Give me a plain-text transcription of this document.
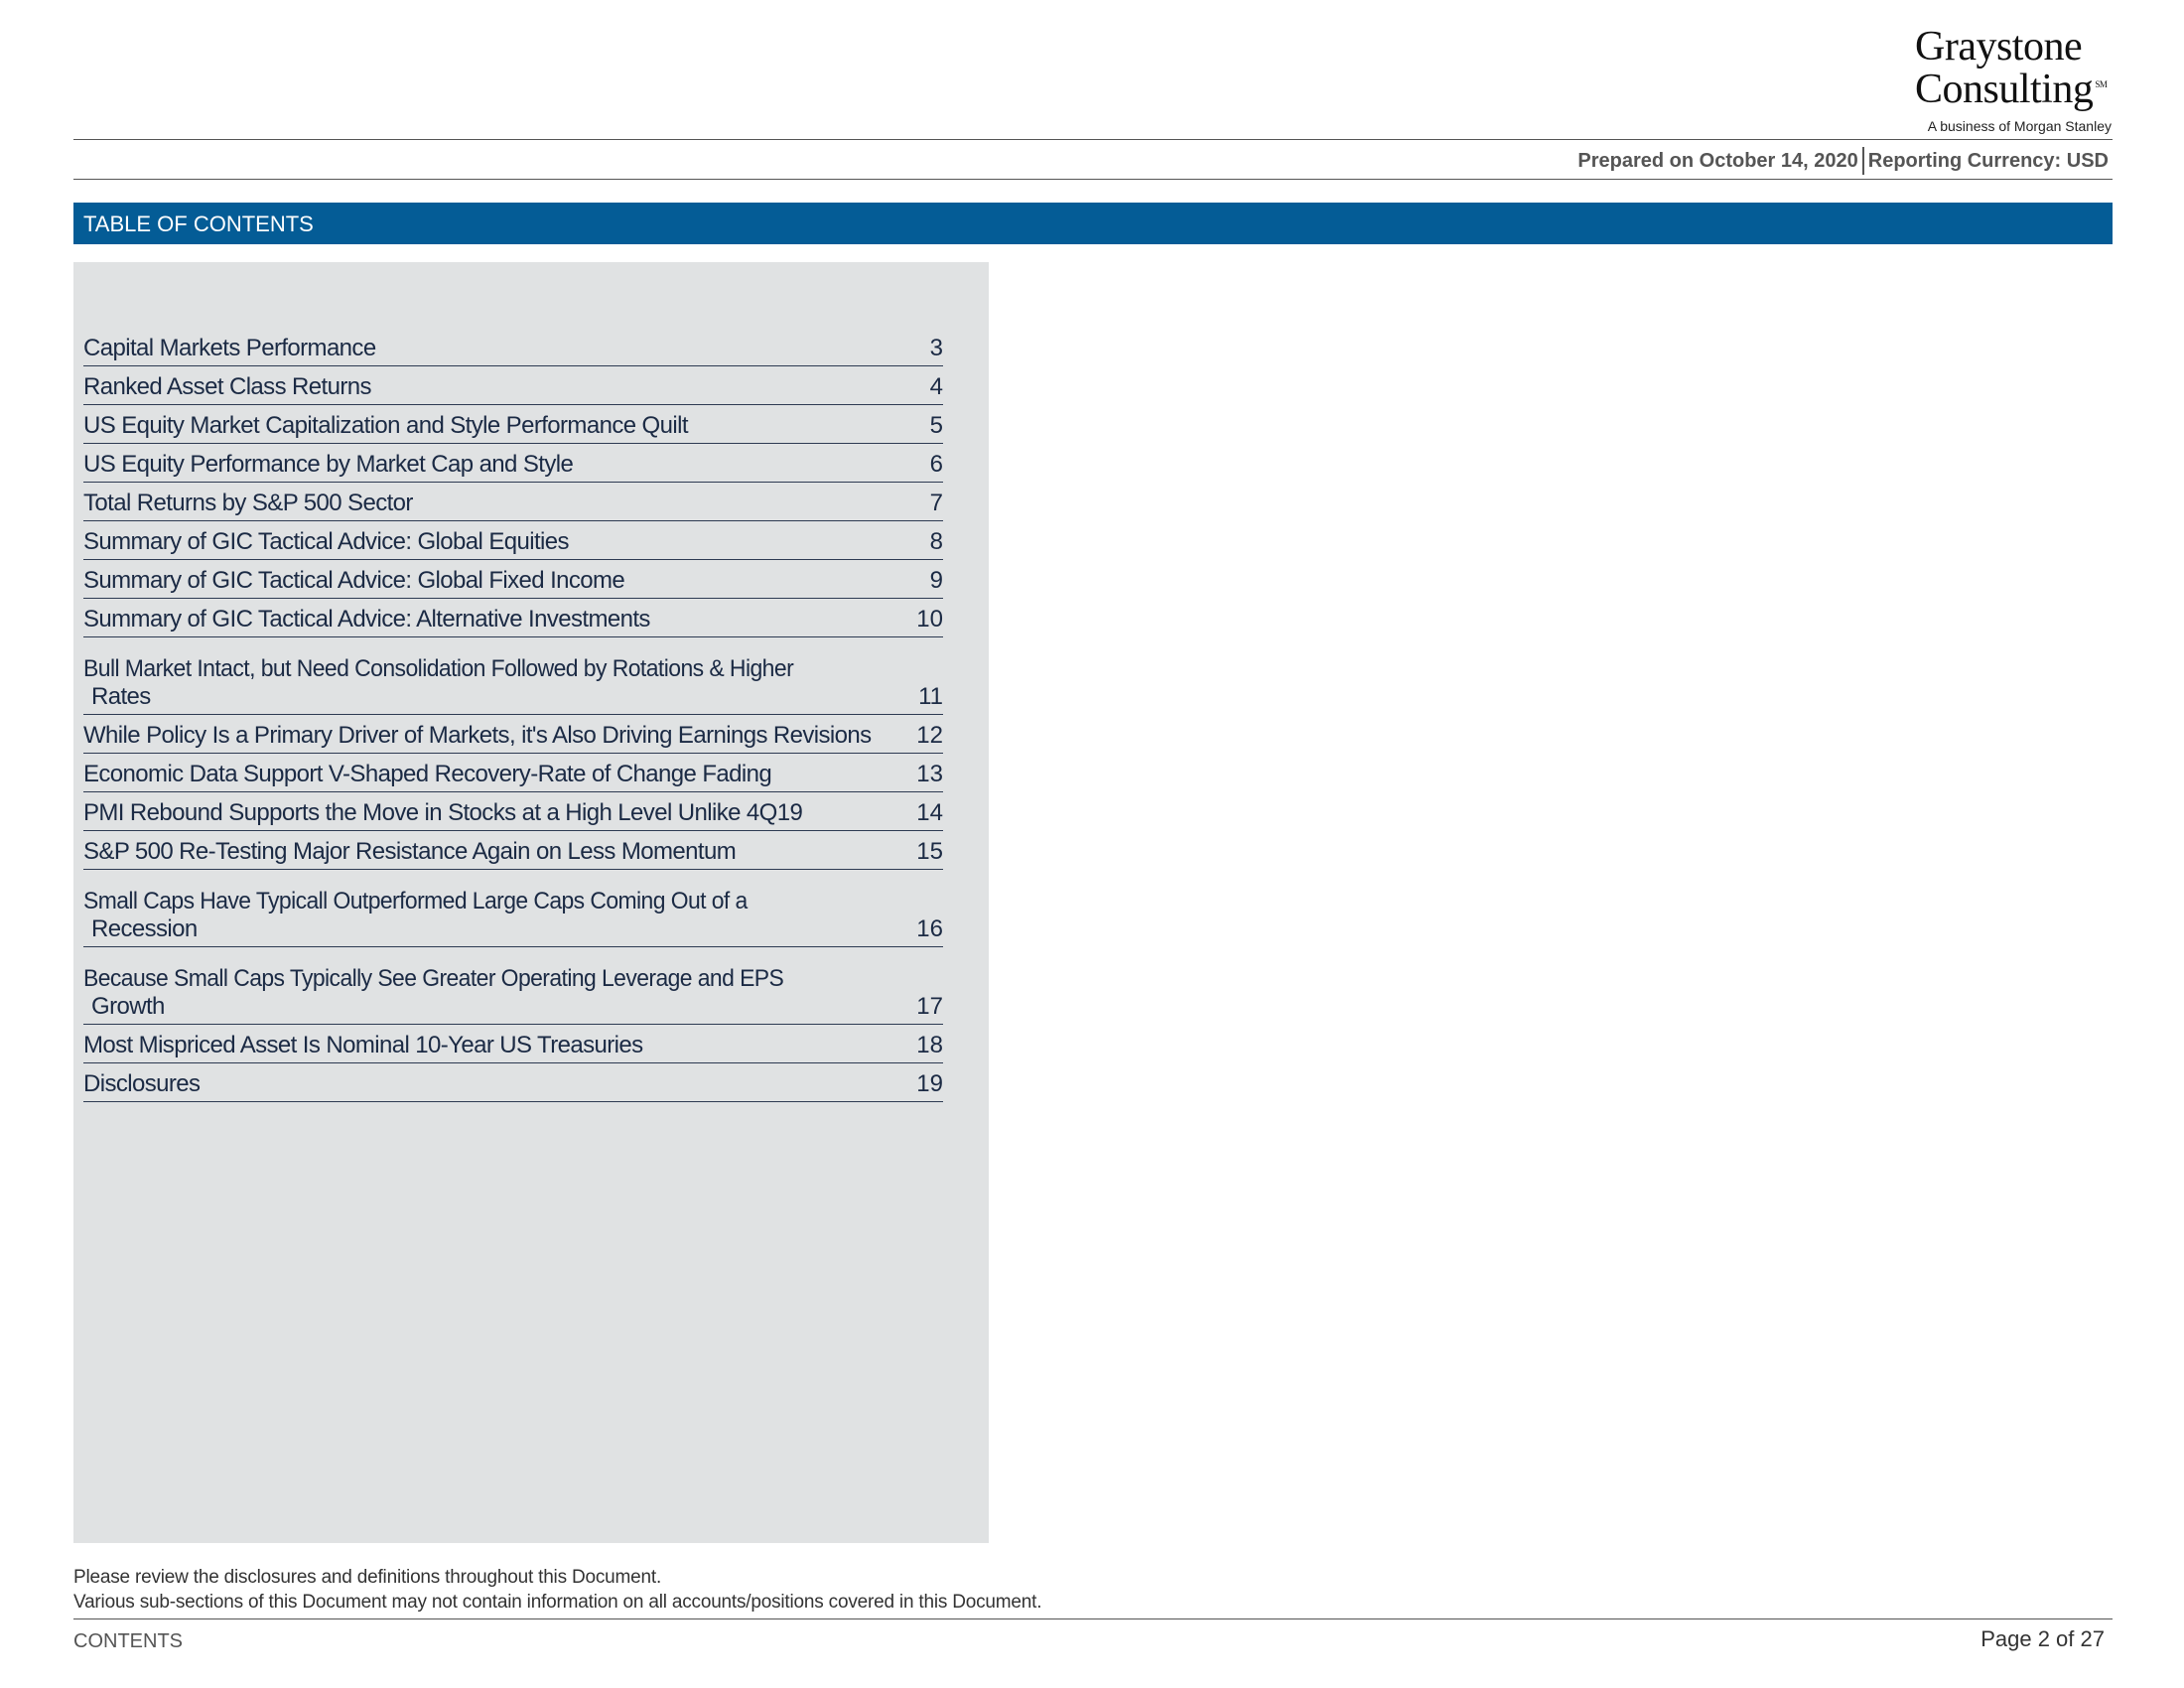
Graystone
Consulting ℠
A business of Morgan Stanley
Prepared on October 14, 2020 Reporting Currency: USD
TABLE OF CONTENTS
Capital Markets Performance	3
Ranked Asset Class Returns	4
US Equity Market Capitalization and Style Performance Quilt	5
US Equity Performance by Market Cap and Style	6
Total Returns by S&P 500 Sector	7
Summary of GIC Tactical Advice: Global Equities	8
Summary of GIC Tactical Advice: Global Fixed Income	9
Summary of GIC Tactical Advice: Alternative Investments	10
Bull Market Intact, but Need Consolidation Followed by Rotations & Higher
Rates	11
While Policy Is a Primary Driver of Markets, it's Also Driving Earnings Revisions 12
Economic Data Support V-Shaped Recovery-Rate of Change Fading	13
PMI Rebound Supports the Move in Stocks at a High Level Unlike 4Q19	14
S&P 500 Re-Testing Major Resistance Again on Less Momentum	15
Small Caps Have Typicall Outperformed Large Caps Coming Out of a
Recession	16
Because Small Caps Typically See Greater Operating Leverage and EPS
Growth	17
Most Mispriced Asset Is Nominal 10-Year US Treasuries	18
Disclosures	19
Please review the disclosures and definitions throughout this Document.
Various sub-sections of this Document may not contain information on all accounts/positions covered in this Document.
CONTENTS	Page 2 of 27
